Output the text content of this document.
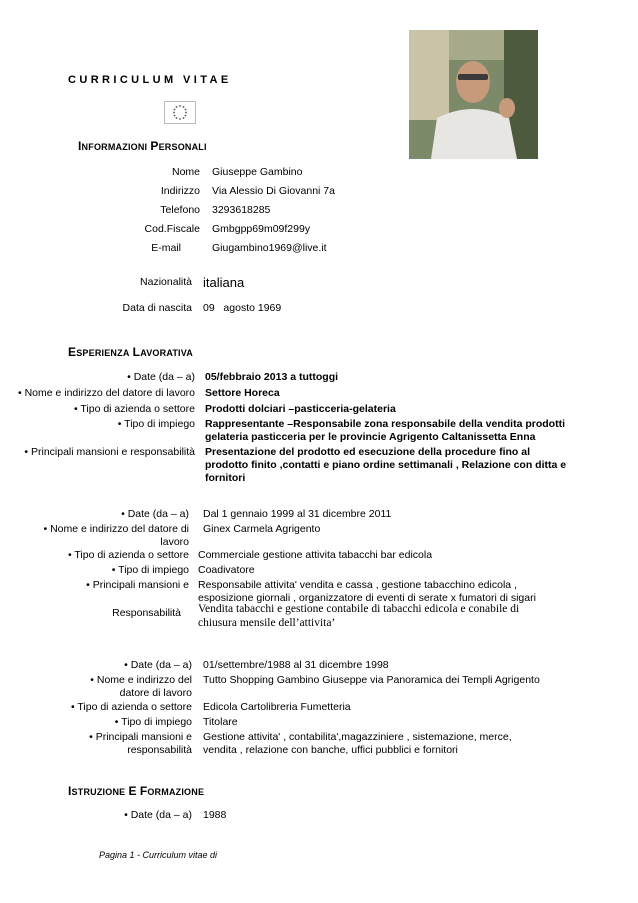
CURRICULUM VITAE
INFORMAZIONI PERSONALI
Nome Giuseppe Gambino
Indirizzo Via Alessio Di Giovanni 7a
Telefono 3293618285
Cod.Fiscale Gmbgpp69m09f299y
E-mail	Giugambino1969@live.it
Nazionalità italiana
Data di nascita 09   agosto 1969
ESPERIENZA LAVORATIVA
• Date (da – a) 05/febbraio 2013 a tuttoggi
• Nome e indirizzo del datore di lavoro Settore Horeca
• Tipo di azienda o settore Prodotti dolciari –pasticceria-gelateria
• Tipo di impiego Rappresentante –Responsabile zona responsabile della vendita prodotti
gelateria pasticceria per le provincie Agrigento Caltanissetta Enna
• Principali mansioni e responsabilità Presentazione del prodotto ed esecuzione della procedure fino al
prodotto finito ,contatti e piano ordine settimanali , Relazione con ditta e
fornitori
• Date (da – a) Dal 1 gennaio 1999 al 31 dicembre 2011
• Nome e indirizzo del datore di
lavoro
Ginex Carmela Agrigento
• Tipo di azienda o settore Commerciale gestione attivita tabacchi bar edicola
• Tipo di impiego Coadivatore
• Principali mansioni e Responsabile attivita' vendita e cassa , gestione tabacchino edicola ,
esposizione giornali , organizzatore di eventi di serate x fumatori di sigari
Responsabilità Vendita tabacchi e gestione contabile di tabacchi edicola e conabile di
chiusura mensile dell’attivita’
• Date (da – a) 01/settembre/1988 al 31 dicembre 1998
• Nome e indirizzo del
datore di lavoro
Tutto Shopping Gambino Giuseppe via Panoramica dei Templi Agrigento
• Tipo di azienda o settore Edicola Cartolibreria Fumetteria
• Tipo di impiego Titolare
• Principali mansioni e
responsabilità
Gestione attivita' , contabilita',magazziniere , sistemazione, merce,
vendita , relazione con banche, uffici pubblici e fornitori
ISTRUZIONE E FORMAZIONE
• Date (da – a) 1988
Pagina 1 - Curriculum vitae di
